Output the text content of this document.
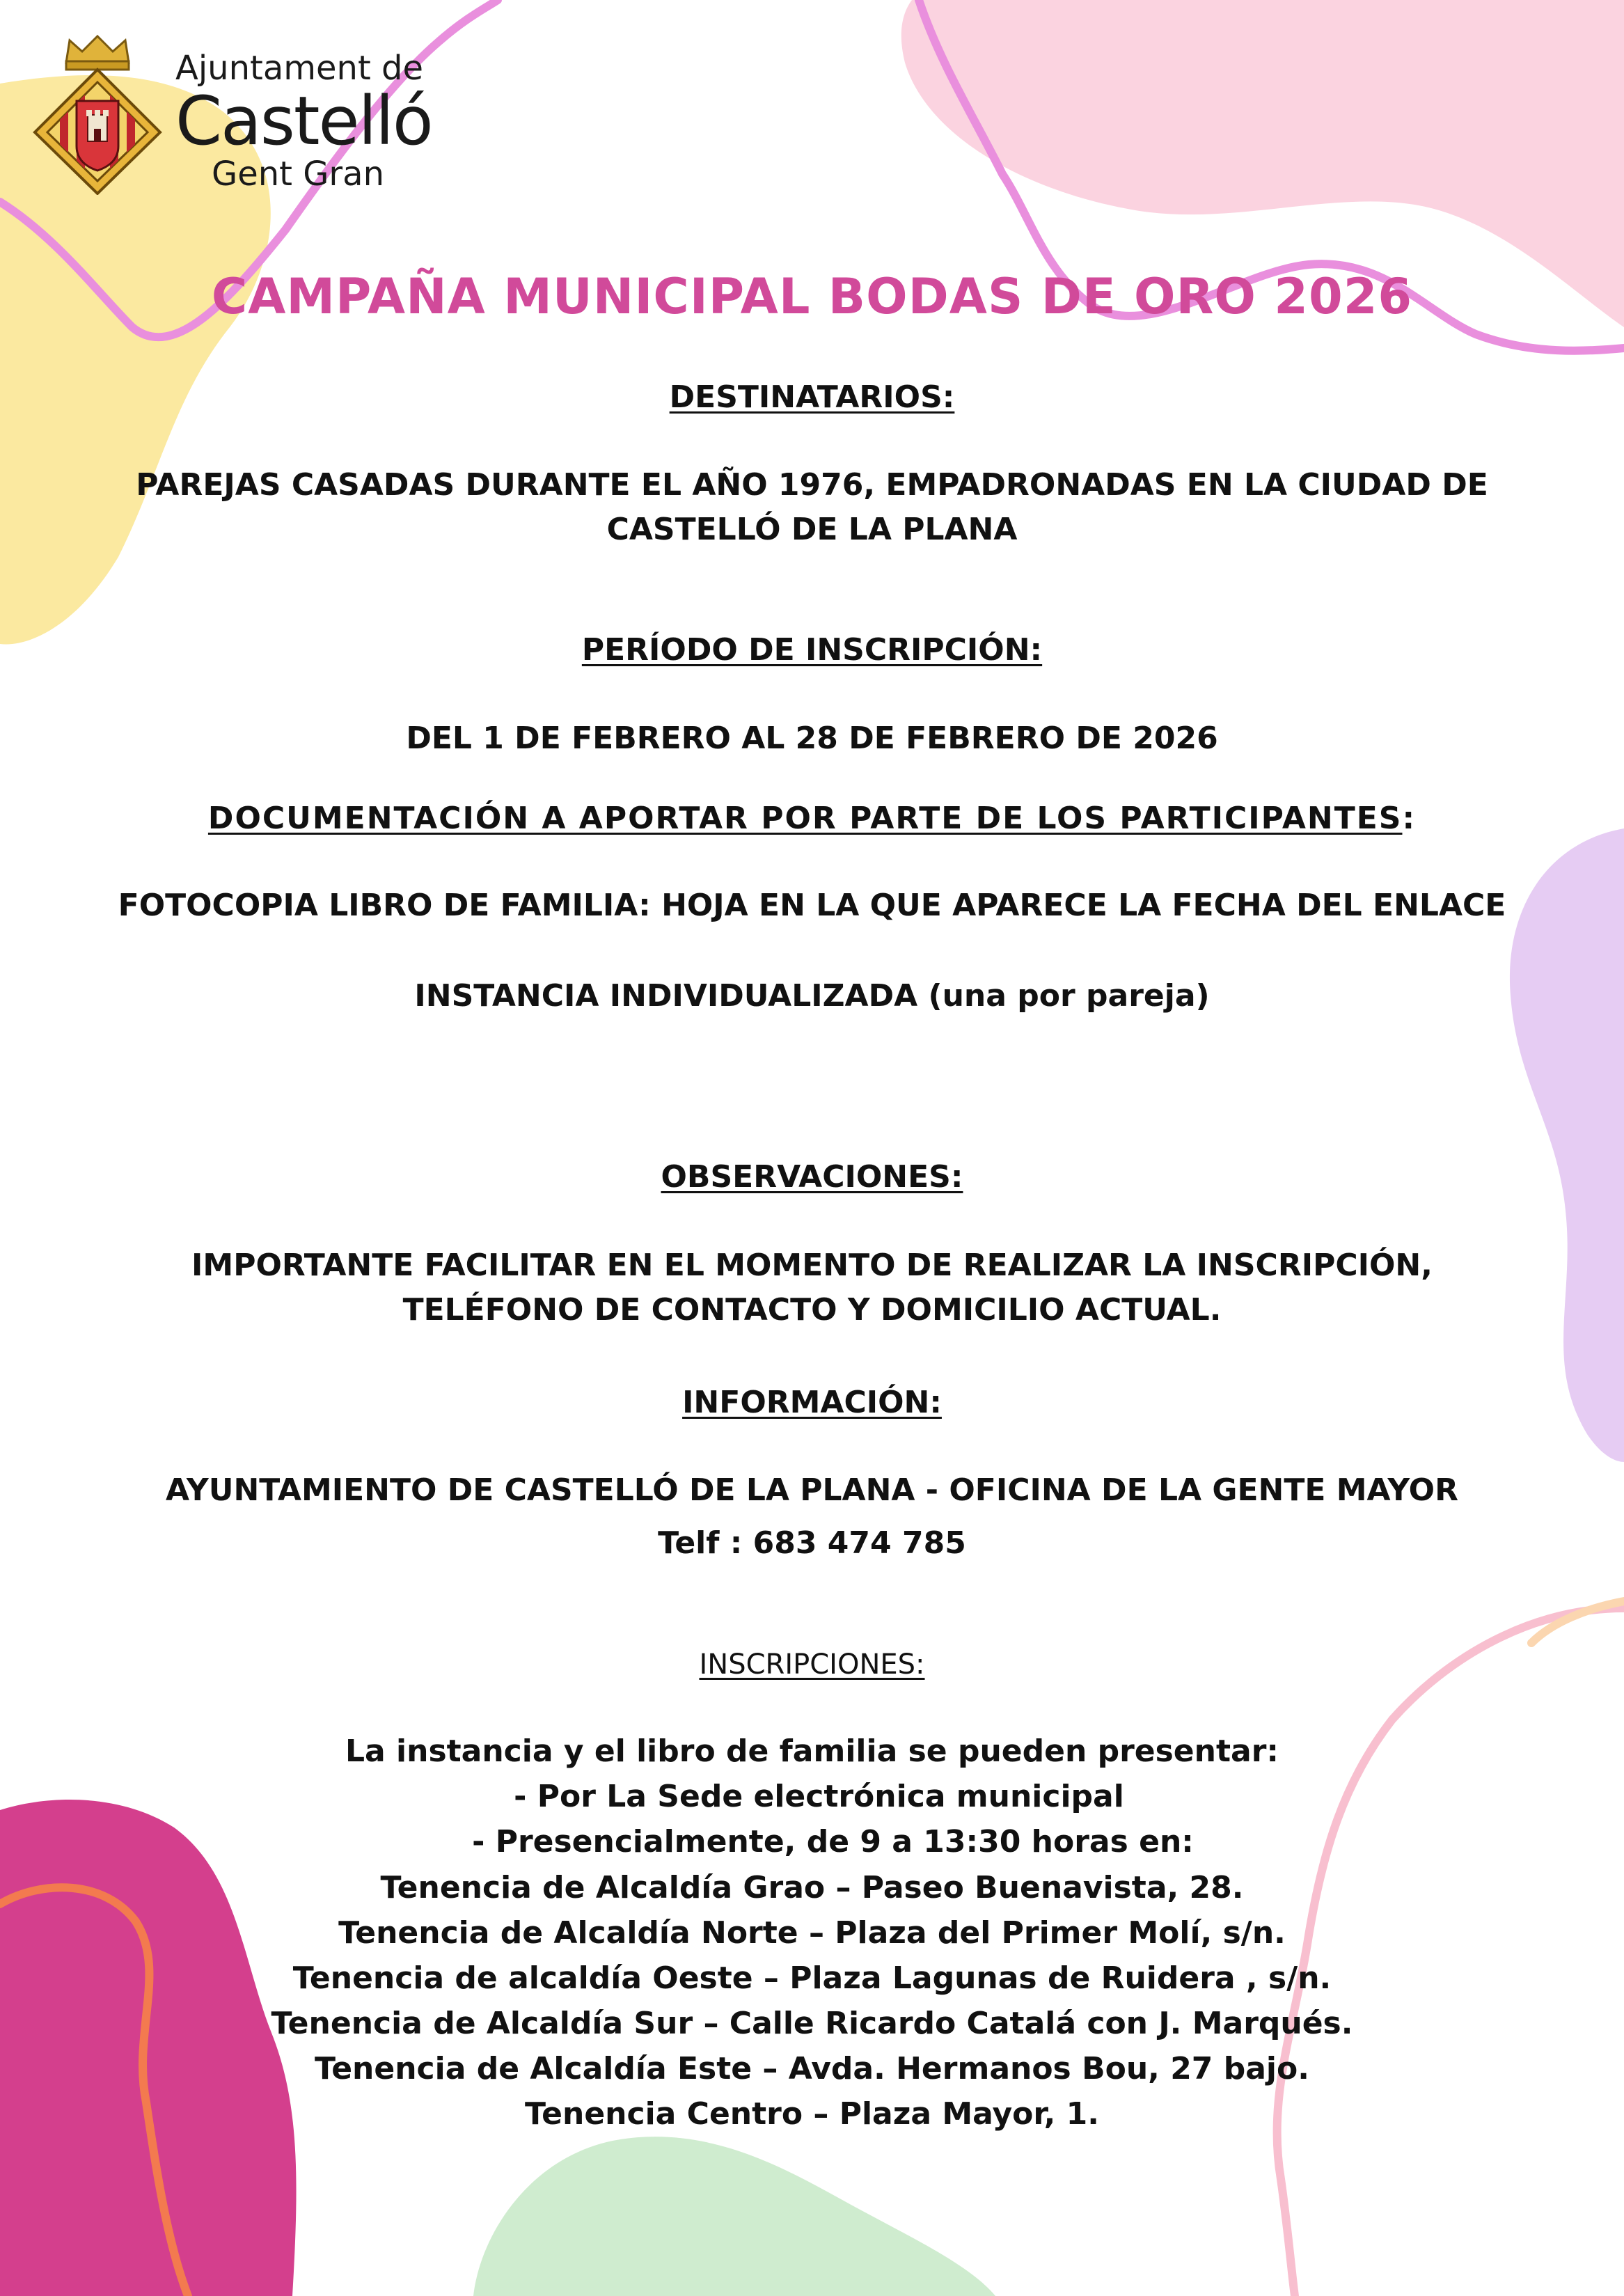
Ajuntament de
Castelló
Gent Gran
CAMPAÑA MUNICIPAL BODAS DE ORO 2026
DESTINATARIOS:
PAREJAS CASADAS DURANTE EL AÑO 1976, EMPADRONADAS EN LA CIUDAD DE
CASTELLÓ DE LA PLANA
PERÍODO DE INSCRIPCIÓN:
DEL 1 DE FEBRERO AL 28 DE FEBRERO DE 2026
DOCUMENTACIÓN A APORTAR POR PARTE DE LOS PARTICIPANTES:
FOTOCOPIA LIBRO DE FAMILIA: HOJA EN LA QUE APARECE LA FECHA DEL ENLACE
INSTANCIA INDIVIDUALIZADA (una por pareja)
OBSERVACIONES:
IMPORTANTE FACILITAR EN EL MOMENTO DE REALIZAR LA INSCRIPCIÓN,
TELÉFONO DE CONTACTO Y DOMICILIO ACTUAL.
INFORMACIÓN:
AYUNTAMIENTO DE CASTELLÓ DE LA PLANA - OFICINA DE LA GENTE MAYOR
Telf : 683 474 785
INSCRIPCIONES:
La instancia y el libro de familia se pueden presentar:
- Por La Sede electrónica municipal
- Presencialmente, de 9 a 13:30 horas en:
Tenencia de Alcaldía Grao – Paseo Buenavista, 28.
Tenencia de Alcaldía Norte – Plaza del Primer Molí, s/n.
Tenencia de alcaldía Oeste – Plaza Lagunas de Ruidera , s/n.
Tenencia de Alcaldía Sur – Calle Ricardo Catalá con J. Marqués.
Tenencia de Alcaldía Este – Avda. Hermanos Bou, 27 bajo.
Tenencia Centro – Plaza Mayor, 1.
